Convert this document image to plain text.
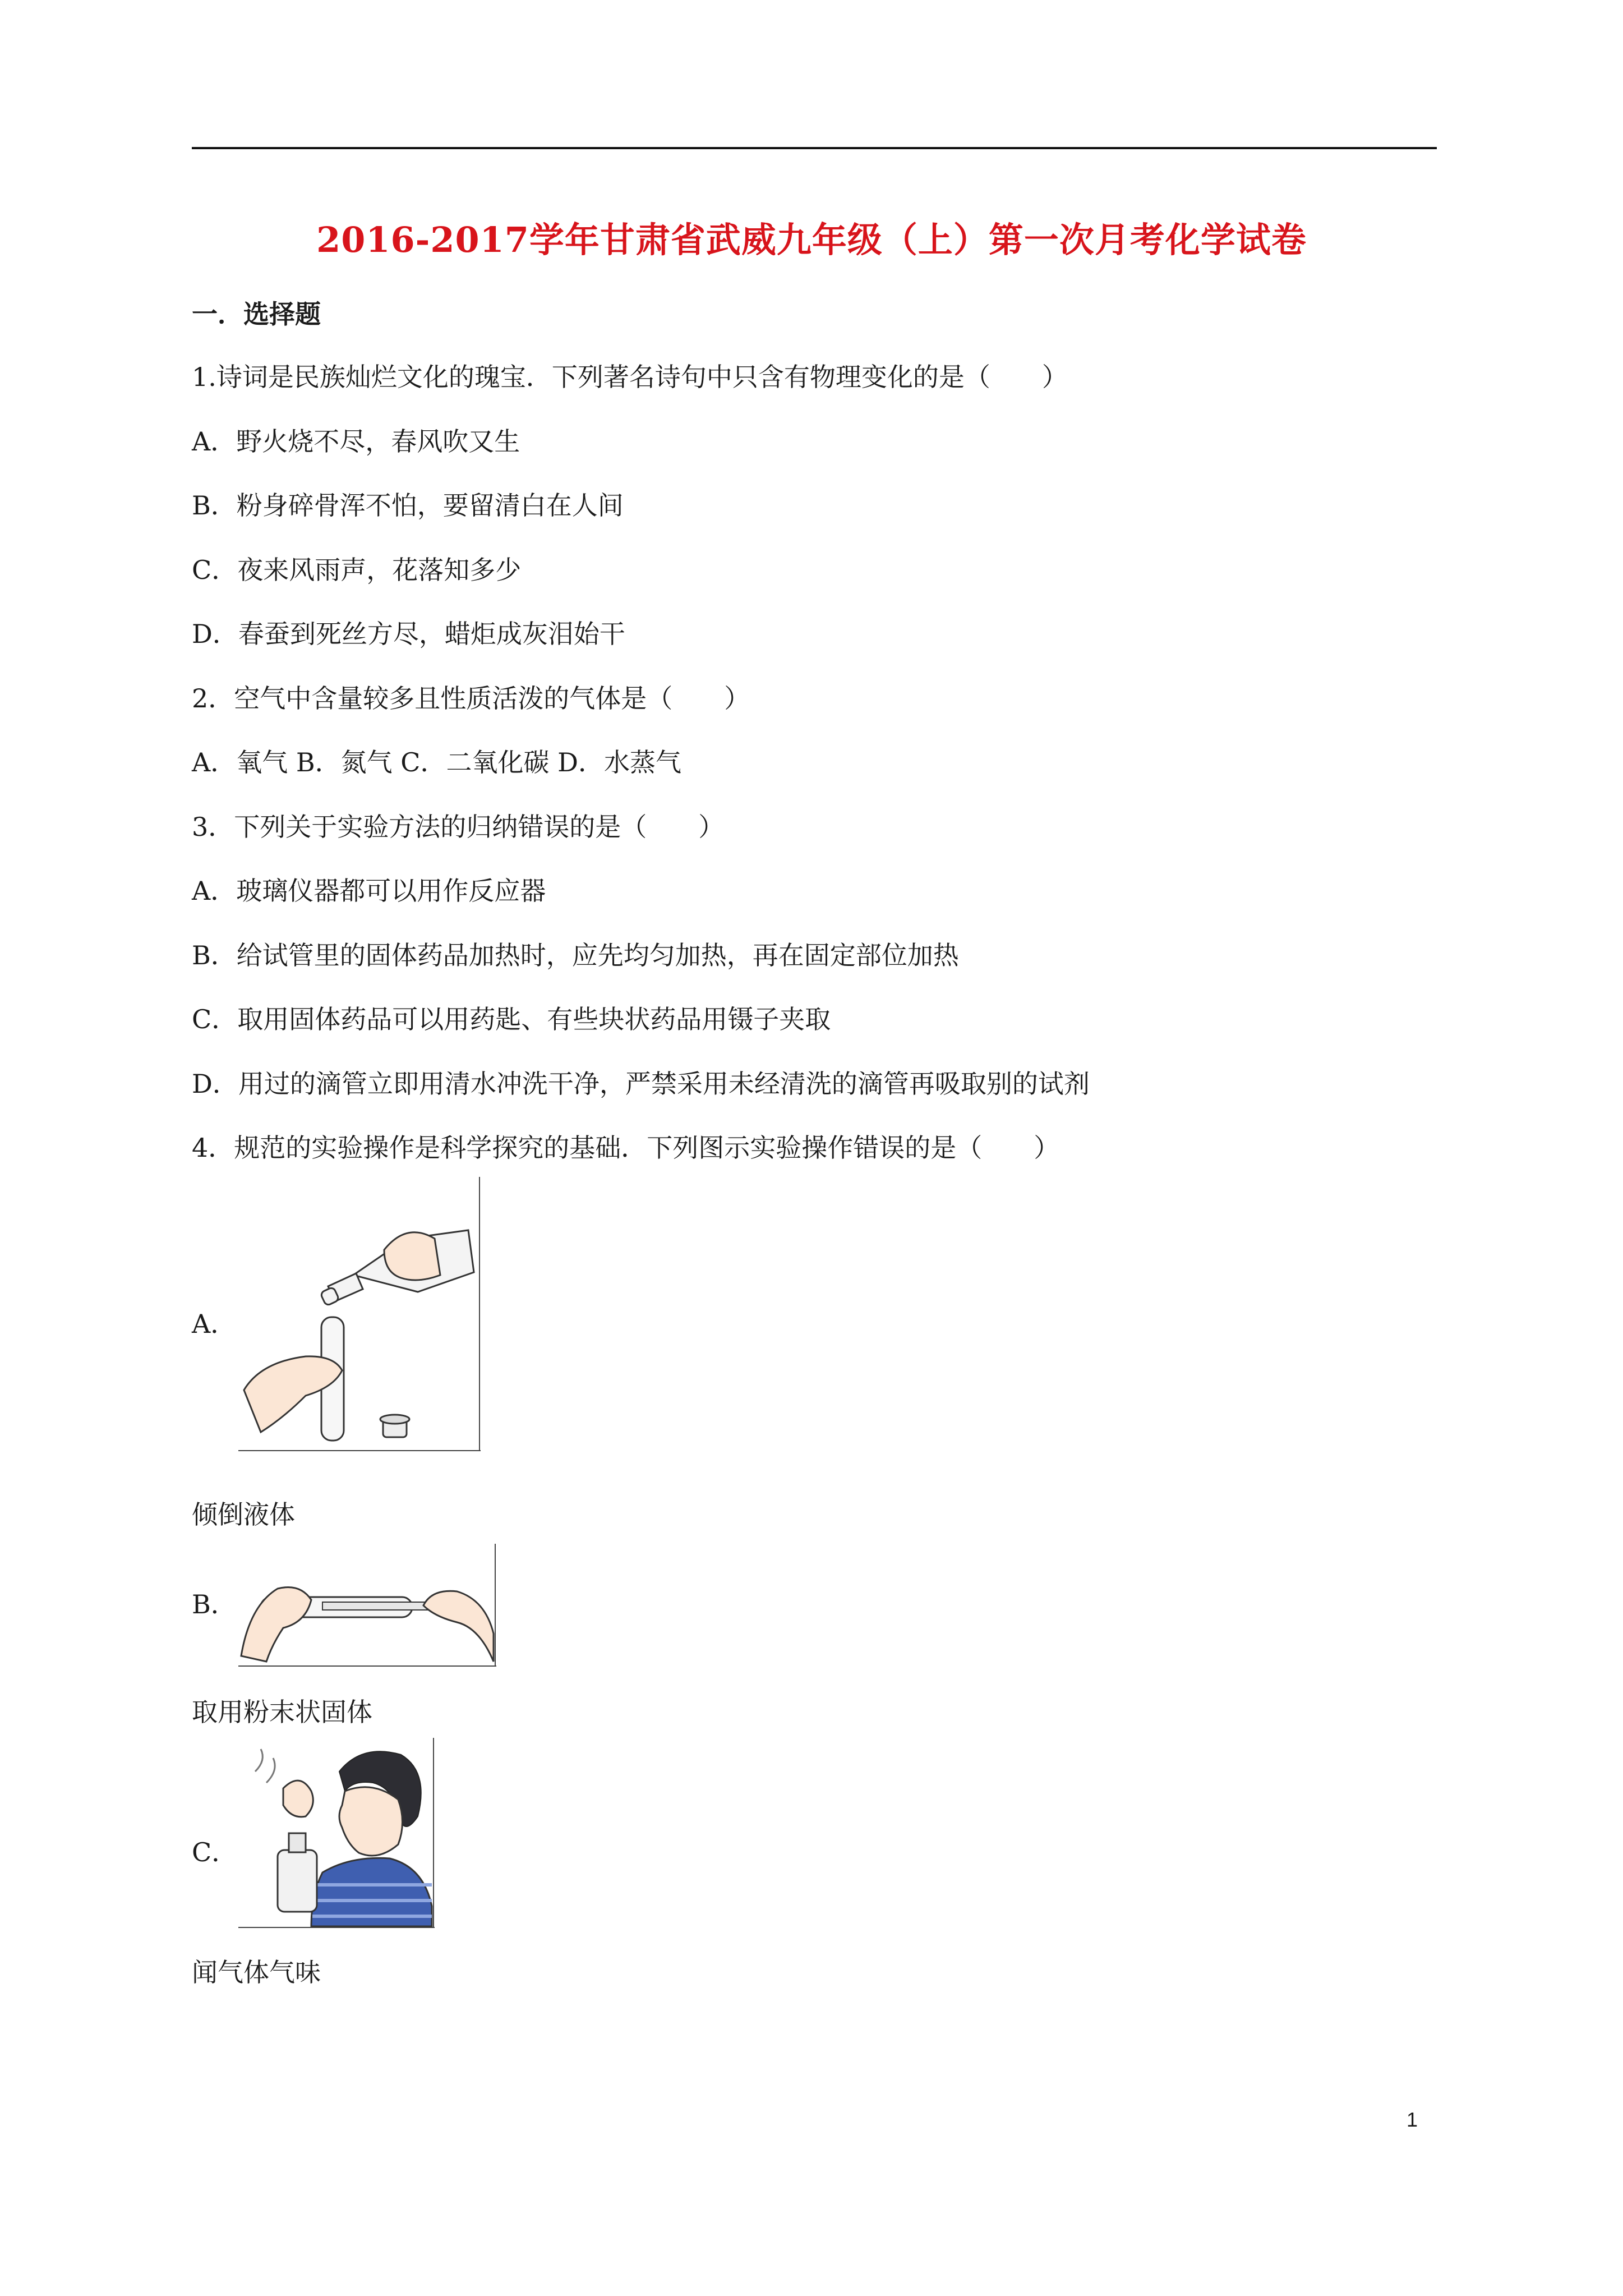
2016-2017学年甘肃省武威九年级（上）第一次月考化学试卷
一．选择题
1.诗词是民族灿烂文化的瑰宝．下列著名诗句中只含有物理变化的是（　　）
A．野火烧不尽，春风吹又生
B．粉身碎骨浑不怕，要留清白在人间
C．夜来风雨声，花落知多少
D．春蚕到死丝方尽，蜡炬成灰泪始干
2．空气中含量较多且性质活泼的气体是（　　）
A．氧气 B．氮气 C．二氧化碳 D．水蒸气
3．下列关于实验方法的归纳错误的是（　　）
A．玻璃仪器都可以用作反应器
B．给试管里的固体药品加热时，应先均匀加热，再在固定部位加热
C．取用固体药品可以用药匙、有些块状药品用镊子夹取
D．用过的滴管立即用清水冲洗干净，严禁采用未经清洗的滴管再吸取别的试剂
4．规范的实验操作是科学探究的基础．下列图示实验操作错误的是（　　）
A．
倾倒液体
B．
取用粉末状固体
C．
闻气体气味
1
